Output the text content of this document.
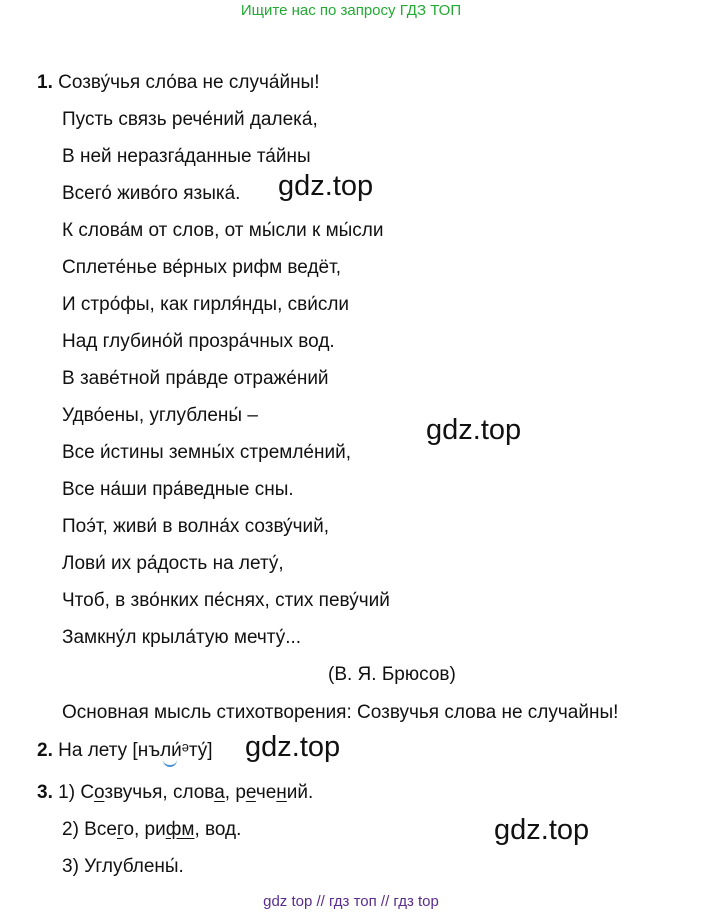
Ищите нас по запросу ГДЗ ТОП
1. Созву́чья сло́ва не случа́йны!
Пусть связь рече́ний далека́,
В ней неразга́данные та́йны
Всего́ живо́го языка́.
К слова́м от слов, от мы́сли к мы́сли
Сплете́нье ве́рных рифм ведёт,
И стро́фы, как гирля́нды, сви́сли
Над глубино́й прозра́чных вод.
В заве́тной пра́вде отраже́ний
Удво́ены, углублены́ –
Все и́стины земны́х стремле́ний,
Все на́ши пра́ведные сны.
Поэ́т, живи́ в волна́х созву́чий,
Лови́ их ра́дость на лету́,
Чтоб, в зво́нких пе́снях, стих певу́чий
Замкну́л крыла́тую мечту́...
(В. Я. Брюсов)
Основная мысль стихотворения: Созвучья слова не случайны!
2. На лету [нъли́ᵊту́]
3. 1) Созвучья, слова, речений.
2) Всего, рифм, вод.
3) Углублены́.
gdz.top
gdz.top
gdz.top
gdz.top
gdz top // гдз топ // гдз top
